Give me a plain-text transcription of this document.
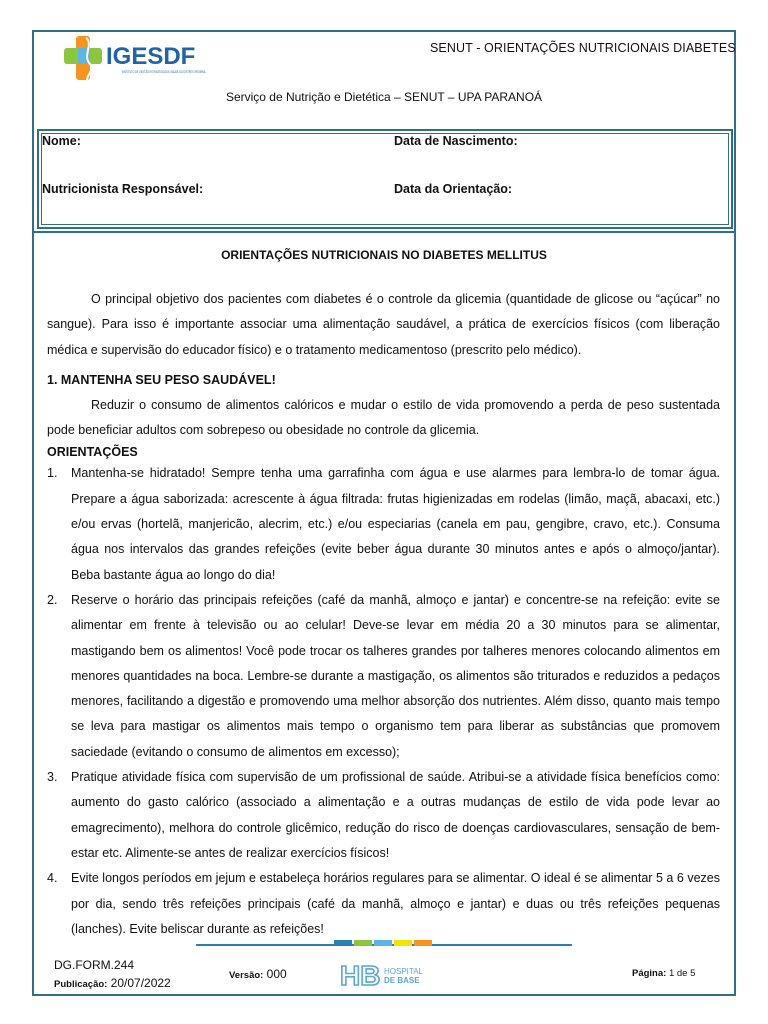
IGESDF
INSTITUTO DE GESTÃO ESTRATÉGICA DE SAÚDE DO DISTRITO FEDERAL
SENUT - ORIENTAÇÕES NUTRICIONAIS DIABETES
Serviço de Nutrição e Dietética – SENUT – UPA PARANOÁ
Nome:	Data de Nascimento:
Nutricionista Responsável:	Data da Orientação:
ORIENTAÇÕES NUTRICIONAIS NO DIABETES MELLITUS

O principal objetivo dos pacientes com diabetes é o controle da glicemia (quantidade de glicose ou “açúcar” no sangue). Para isso é importante associar uma alimentação saudável, a prática de exercícios físicos (com liberação médica e supervisão do educador físico) e o tratamento medicamentoso (prescrito pelo médico).

1. MANTENHA SEU PESO SAUDÁVEL!

Reduzir o consumo de alimentos calóricos e mudar o estilo de vida promovendo a perda de peso sustentada pode beneficiar adultos com sobrepeso ou obesidade no controle da glicemia.

ORIENTAÇÕES

1.	Mantenha-se hidratado! Sempre tenha uma garrafinha com água e use alarmes para lembra-lo de tomar água. Prepare a água saborizada: acrescente à água filtrada: frutas higienizadas em rodelas (limão, maçã, abacaxi, etc.) e/ou ervas (hortelã, manjericão, alecrim, etc.) e/ou especiarias (canela em pau, gengibre, cravo, etc.). Consuma água nos intervalos das grandes refeições (evite beber água durante 30 minutos antes e após o almoço/jantar). Beba bastante água ao longo do dia!
2.	Reserve o horário das principais refeições (café da manhã, almoço e jantar) e concentre-se na refeição: evite se alimentar em frente à televisão ou ao celular! Deve-se levar em média 20 a 30 minutos para se alimentar, mastigando bem os alimentos! Você pode trocar os talheres grandes por talheres menores colocando alimentos em menores quantidades na boca. Lembre-se durante a mastigação, os alimentos são triturados e reduzidos a pedaços menores, facilitando a digestão e promovendo uma melhor absorção dos nutrientes. Além disso, quanto mais tempo se leva para mastigar os alimentos mais tempo o organismo tem para liberar as substâncias que promovem saciedade (evitando o consumo de alimentos em excesso);
3.	Pratique atividade física com supervisão de um profissional de saúde. Atribui-se a atividade física benefícios como: aumento do gasto calórico (associado a alimentação e a outras mudanças de estilo de vida pode levar ao emagrecimento), melhora do controle glicêmico, redução do risco de doenças cardiovasculares, sensação de bem-estar etc. Alimente-se antes de realizar exercícios físicos!
4.	Evite longos períodos em jejum e estabeleça horários regulares para se alimentar. O ideal é se alimentar 5 a 6 vezes por dia, sendo três refeições principais (café da manhã, almoço e jantar) e duas ou três refeições pequenas (lanches). Evite beliscar durante as refeições!
DG.FORM.244
Publicação: 20/07/2022
Versão: 000 HB HOSPITAL
DE BASE
Página: 1 de 5
